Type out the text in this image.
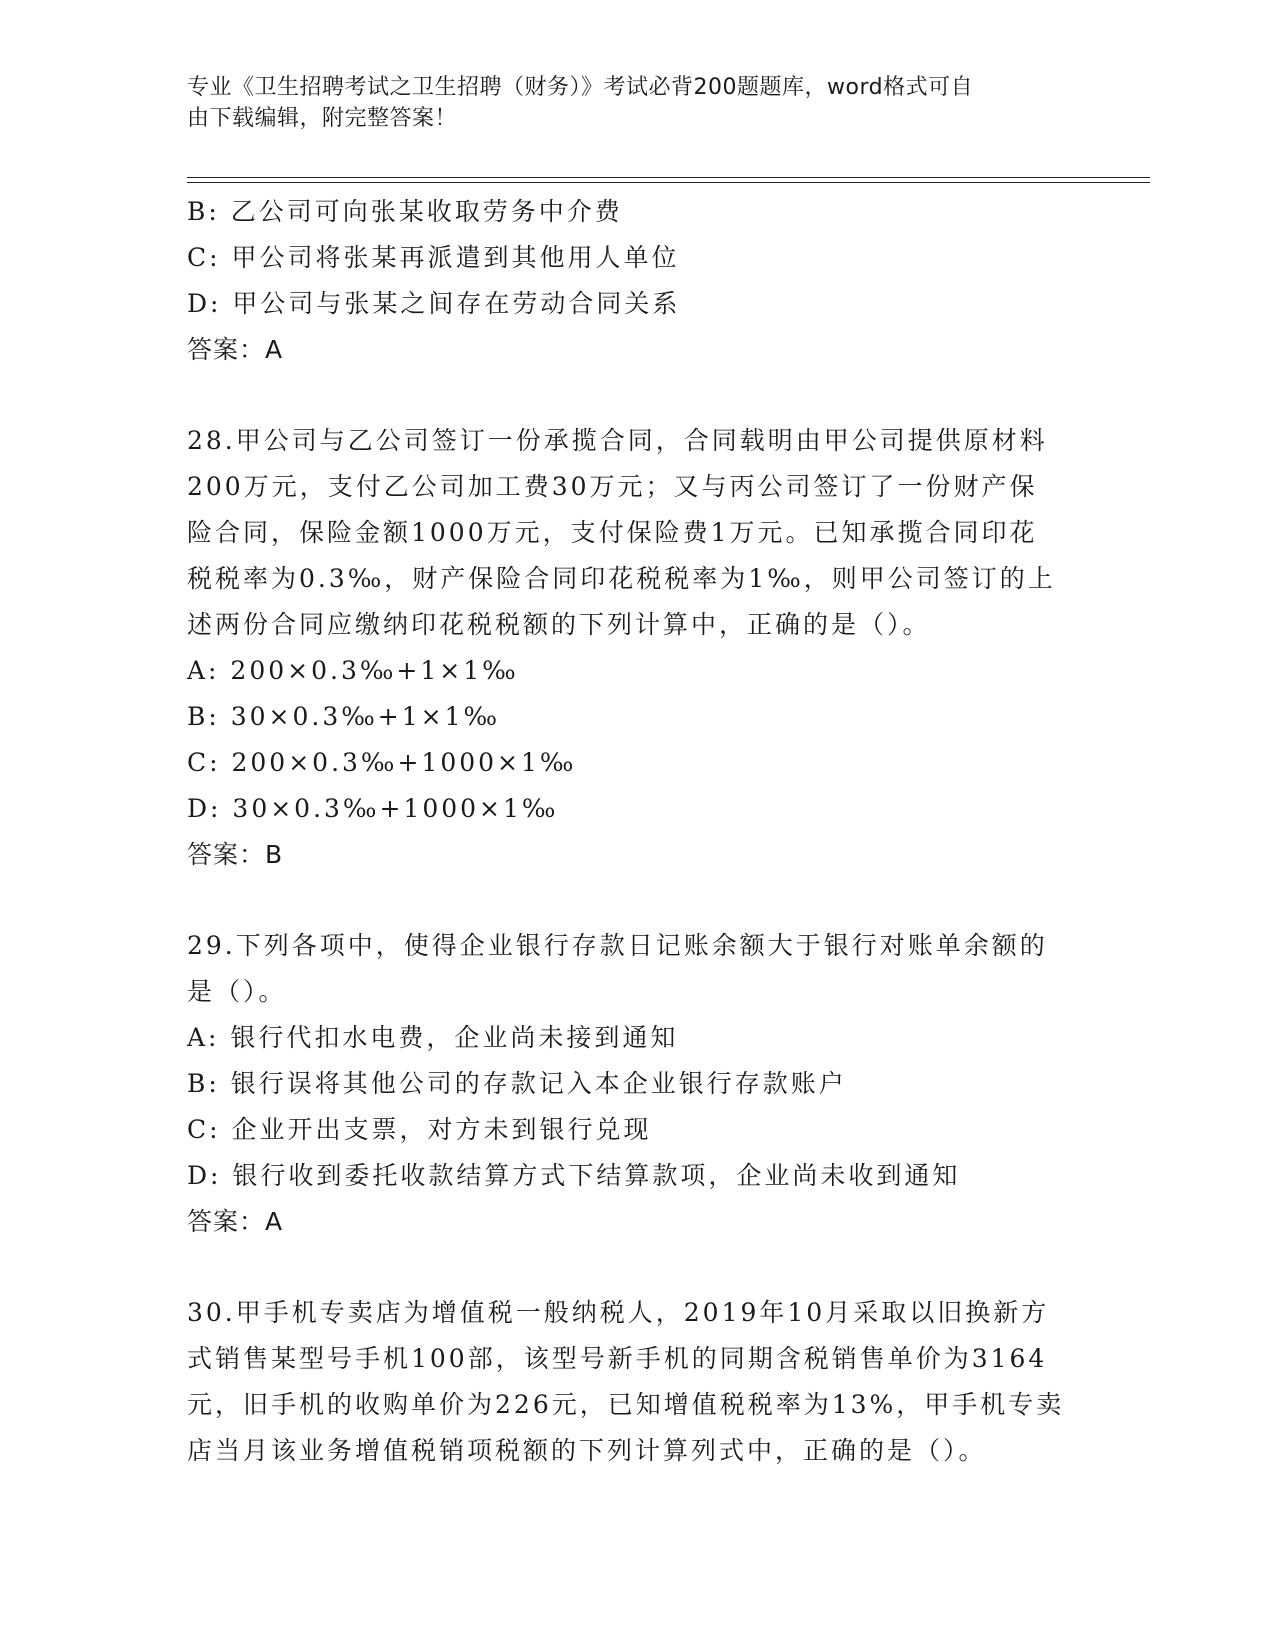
专业《卫生招聘考试之卫生招聘（财务）》考试必背200题题库，word格式可自
由下载编辑，附完整答案！
B: 乙公司可向张某收取劳务中介费
C: 甲公司将张某再派遣到其他用人单位
D: 甲公司与张某之间存在劳动合同关系
答案：A
28.甲公司与乙公司签订一份承揽合同，合同载明由甲公司提供原材料
200万元，支付乙公司加工费30万元；又与丙公司签订了一份财产保
险合同，保险金额1000万元，支付保险费1万元。已知承揽合同印花
税税率为0.3‰，财产保险合同印花税税率为1‰，则甲公司签订的上
述两份合同应缴纳印花税税额的下列计算中，正确的是（）。
A: 200×0.3‰+1×1‰
B: 30×0.3‰+1×1‰
C: 200×0.3‰+1000×1‰
D: 30×0.3‰+1000×1‰
答案：B
29.下列各项中，使得企业银行存款日记账余额大于银行对账单余额的
是（）。
A: 银行代扣水电费，企业尚未接到通知
B: 银行误将其他公司的存款记入本企业银行存款账户
C: 企业开出支票，对方未到银行兑现
D: 银行收到委托收款结算方式下结算款项，企业尚未收到通知
答案：A
30.甲手机专卖店为增值税一般纳税人，2019年10月采取以旧换新方
式销售某型号手机100部，该型号新手机的同期含税销售单价为3164
元，旧手机的收购单价为226元，已知增值税税率为13%，甲手机专卖
店当月该业务增值税销项税额的下列计算列式中，正确的是（）。
